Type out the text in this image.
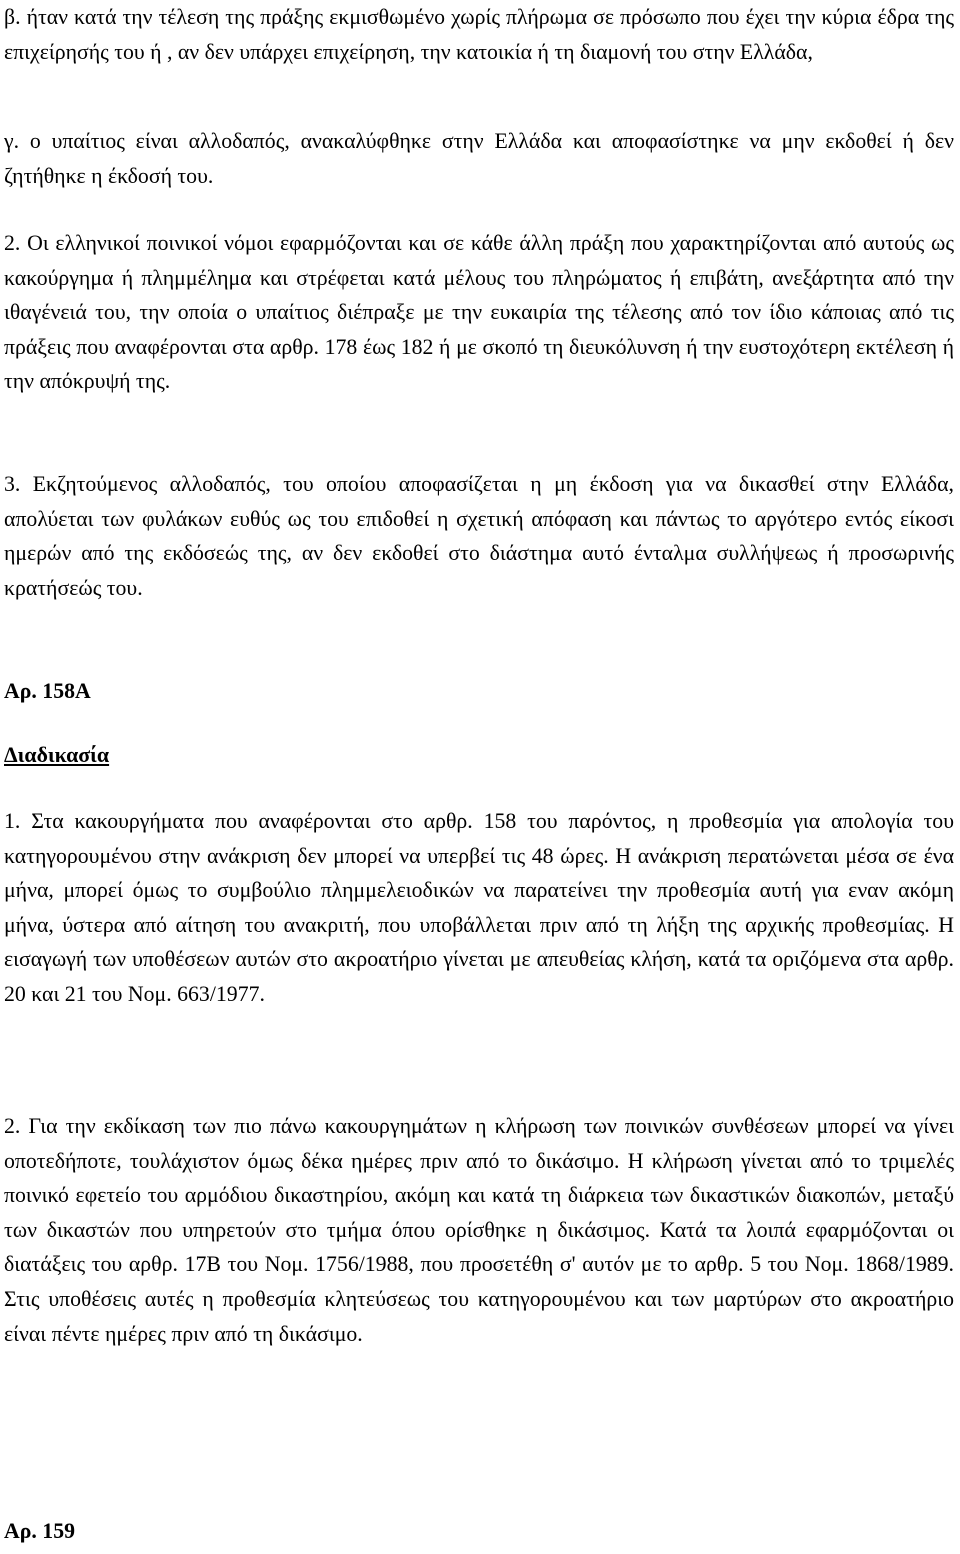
β. ήταν κατά την τέλεση της πράξης εκμισθωμένο χωρίς πλήρωμα σε πρόσωπο που έχει την κύρια έδρα της επιχείρησής του ή , αν δεν υπάρχει επιχείρηση, την κατοικία ή τη διαμονή του στην Ελλάδα,

γ. ο υπαίτιος είναι αλλοδαπός, ανακαλύφθηκε στην Ελλάδα και αποφασίστηκε να μην εκδοθεί ή δεν ζητήθηκε η έκδοσή του.

2. Οι ελληνικοί ποινικοί νόμοι εφαρμόζονται και σε κάθε άλλη πράξη που χαρακτηρίζονται από αυτούς ως κακούργημα ή πλημμέλημα και στρέφεται κατά μέλους του πληρώματος ή επιβάτη, ανεξάρτητα από την ιθαγένειά του, την οποία ο υπαίτιος διέπραξε με την ευκαιρία της τέλεσης από τον ίδιο κάποιας από τις πράξεις που αναφέρονται στα αρθρ. 178 έως 182 ή με σκοπό τη διευκόλυνση ή την ευστοχότερη εκτέλεση ή την απόκρυψή της.

3. Εκζητούμενος αλλοδαπός, του οποίου αποφασίζεται η μη έκδοση για να δικασθεί στην Ελλάδα, απολύεται των φυλάκων ευθύς ως του επιδοθεί η σχετική απόφαση και πάντως το αργότερο εντός είκοσι ημερών από της εκδόσεώς της, αν δεν εκδοθεί στο διάστημα αυτό ένταλμα συλλήψεως ή προσωρινής κρατήσεώς του.

Αρ. 158Α
Διαδικασία

1. Στα κακουργήματα που αναφέρονται στο αρθρ. 158 του παρόντος, η προθεσμία για απολογία του κατηγορουμένου στην ανάκριση δεν μπορεί να υπερβεί τις 48 ώρες. Η ανάκριση περατώνεται μέσα σε ένα μήνα, μπορεί όμως το συμβούλιο πλημμελειοδικών να παρατείνει την προθεσμία αυτή για εναν ακόμη μήνα, ύστερα από αίτηση του ανακριτή, που υποβάλλεται πριν από τη λήξη της αρχικής προθεσμίας. Η εισαγωγή των υποθέσεων αυτών στο ακροατήριο γίνεται με απευθείας κλήση, κατά τα οριζόμενα στα αρθρ. 20 και 21 του Νομ. 663/1977.

2. Για την εκδίκαση των πιο πάνω κακουργημάτων η κλήρωση των ποινικών συνθέσεων μπορεί να γίνει οποτεδήποτε, τουλάχιστον όμως δέκα ημέρες πριν από το δικάσιμο. Η κλήρωση γίνεται από το τριμελές ποινικό εφετείο του αρμόδιου δικαστηρίου, ακόμη και κατά τη διάρκεια των δικαστικών διακοπών, μεταξύ των δικαστών που υπηρετούν στο τμήμα όπου ορίσθηκε η δικάσιμος. Κατά τα λοιπά εφαρμόζονται οι διατάξεις του αρθρ. 17Β του Νομ. 1756/1988, που προσετέθη σ' αυτόν με το αρθρ. 5 του Νομ. 1868/1989. Στις υποθέσεις αυτές η προθεσμία κλητεύσεως του κατηγορουμένου και των μαρτύρων στο ακροατήριο είναι πέντε ημέρες πριν από τη δικάσιμο.

Αρ. 159
